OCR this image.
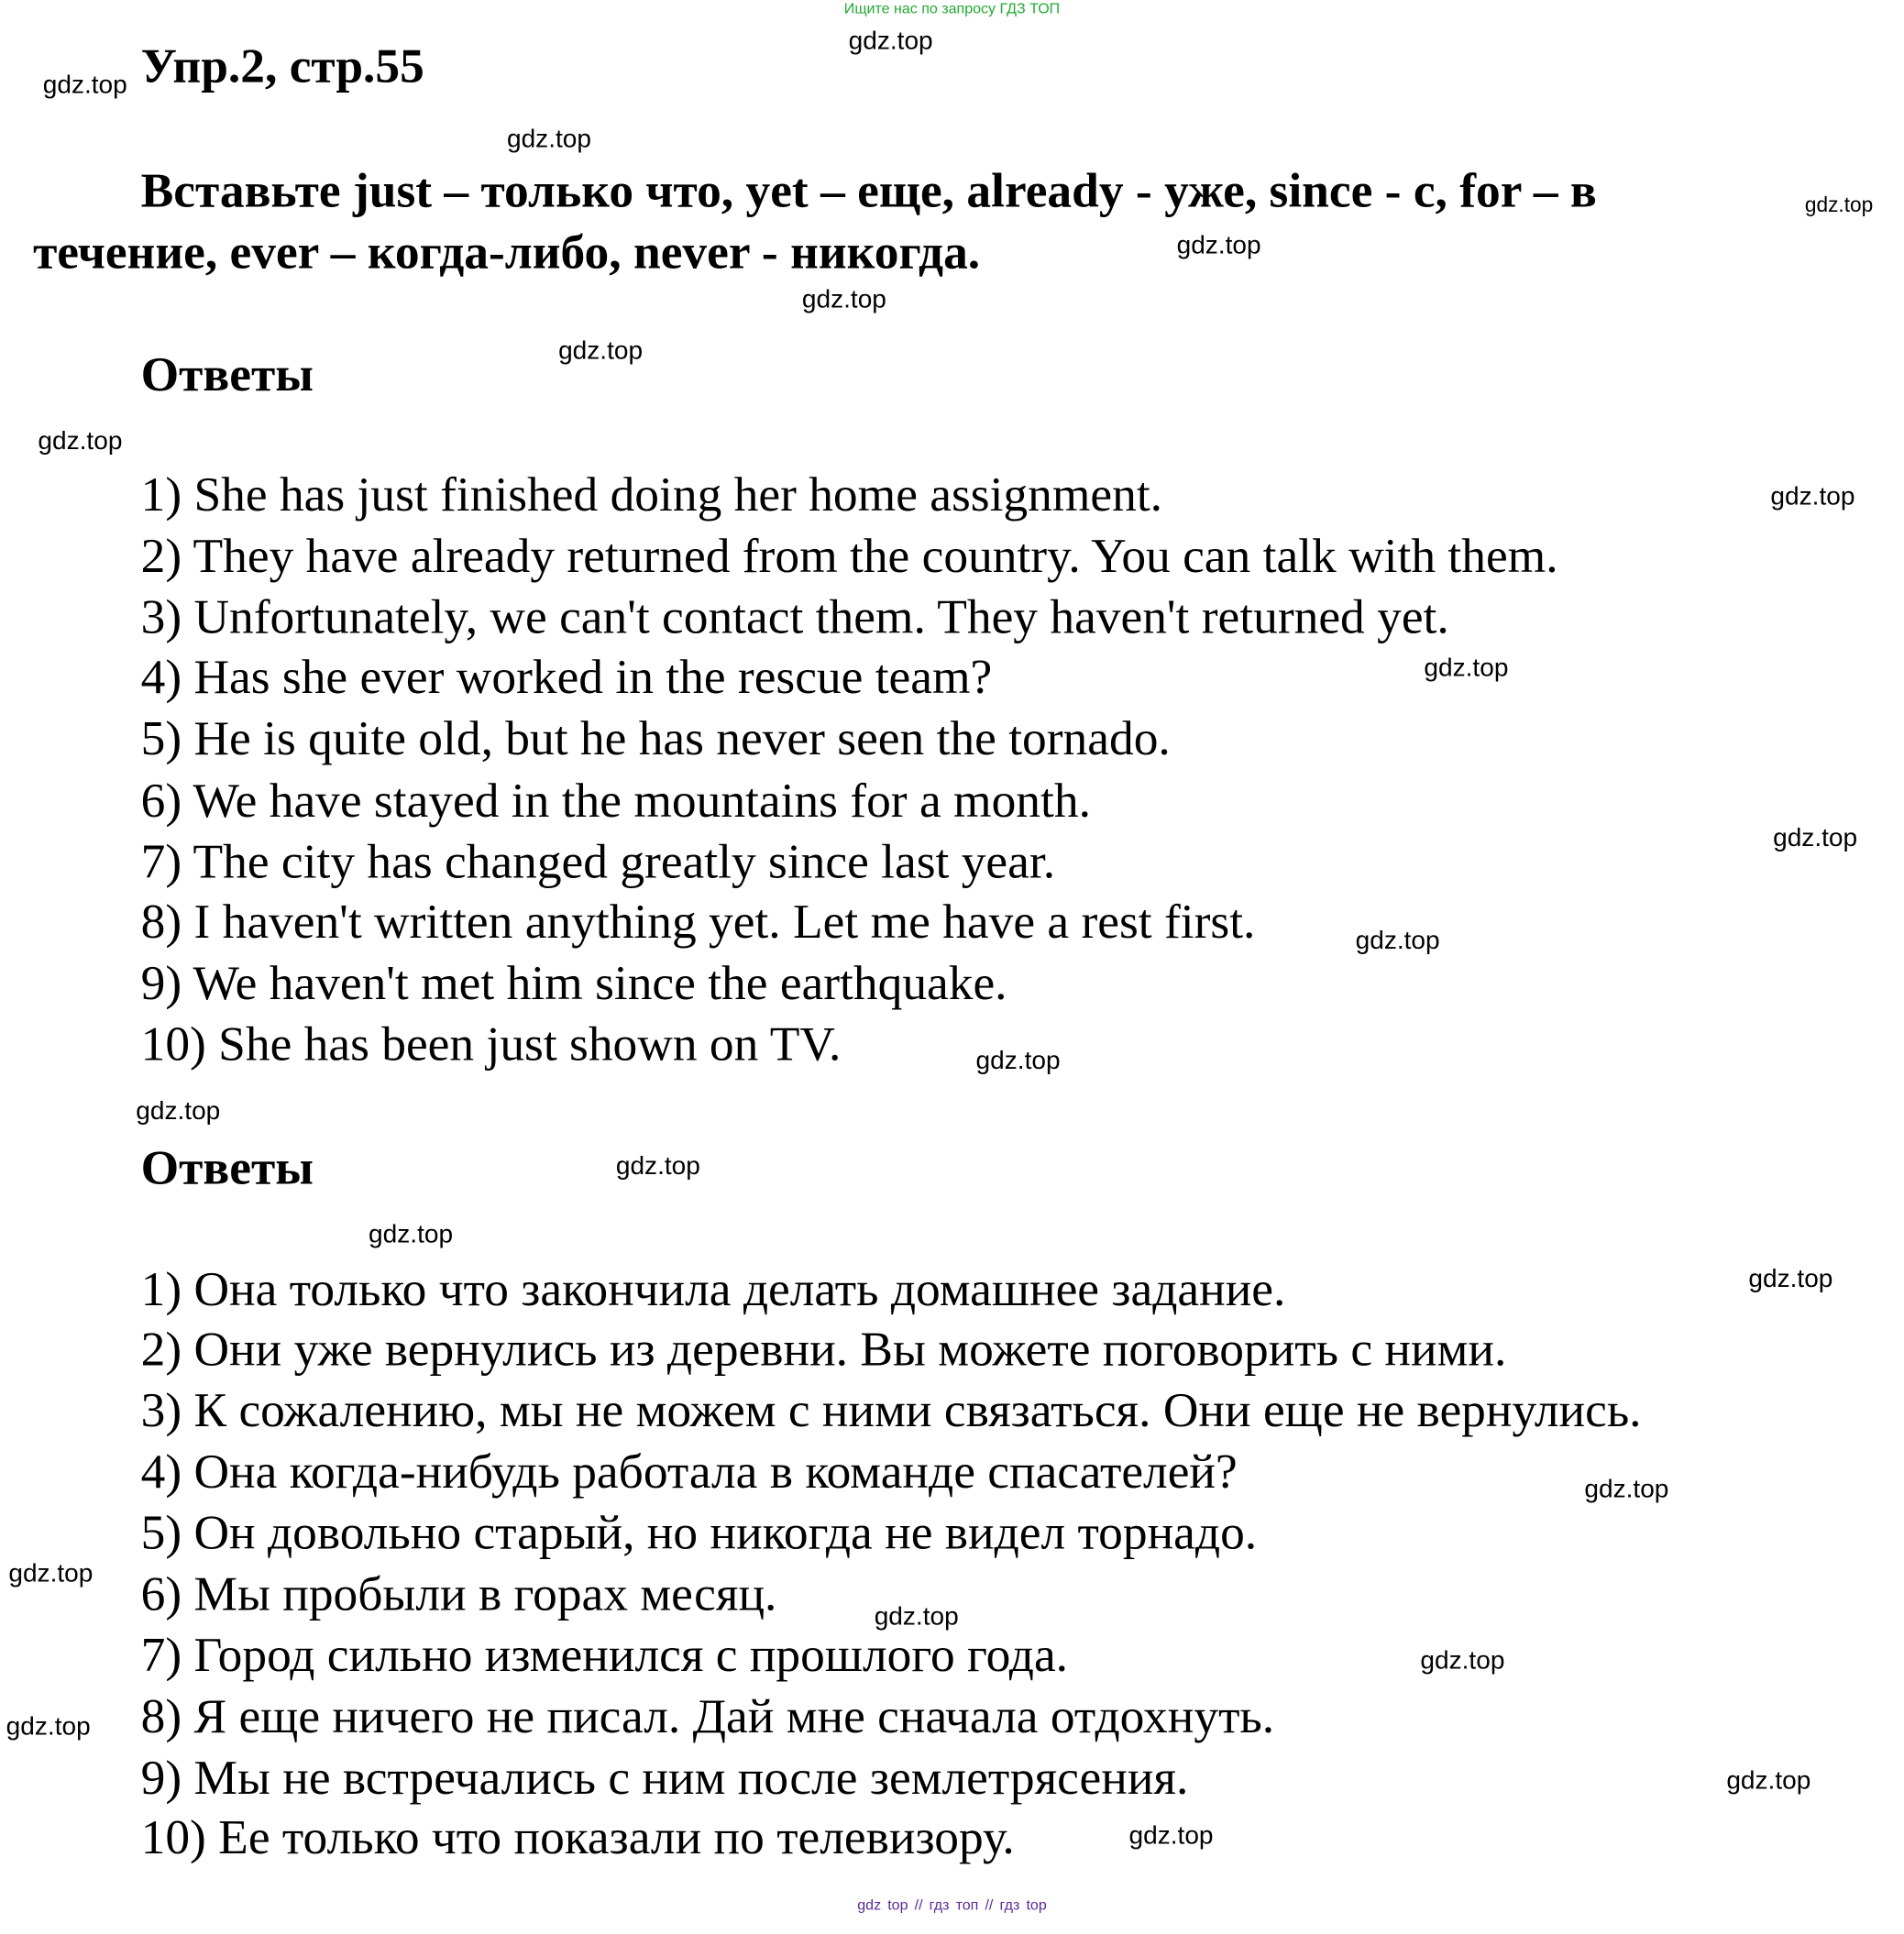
Ищите нас по запросу ГДЗ ТОП
Упр.2, стр.55
Вставьте just – только что, yet – еще, already - уже, since - с, for – в
течение, ever – когда-либо, never - никогда.
Ответы
1) She has just finished doing her home assignment.
2) They have already returned from the country. You can talk with them.
3) Unfortunately, we can't contact them. They haven't returned yet.
4) Has she ever worked in the rescue team?
5) He is quite old, but he has never seen the tornado.
6) We have stayed in the mountains for a month.
7) The city has changed greatly since last year.
8) I haven't written anything yet. Let me have a rest first.
9) We haven't met him since the earthquake.
10) She has been just shown on TV.
Ответы
1) Она только что закончила делать домашнее задание.
2) Они уже вернулись из деревни. Вы можете поговорить с ними.
3) К сожалению, мы не можем с ними связаться. Они еще не вернулись.
4) Она когда-нибудь работала в команде спасателей?
5) Он довольно старый, но никогда не видел торнадо.
6) Мы пробыли в горах месяц.
7) Город сильно изменился с прошлого года.
8) Я еще ничего не писал. Дай мне сначала отдохнуть.
9) Мы не встречались с ним после землетрясения.
10) Ее только что показали по телевизору.
gdz.top
gdz.top
gdz.top
gdz.top
gdz.top
gdz.top
gdz.top
gdz.top
gdz.top
gdz.top
gdz.top
gdz.top
gdz.top
gdz.top
gdz.top
gdz.top
gdz.top
gdz.top
gdz.top
gdz.top
gdz.top
gdz.top
gdz.top
gdz.top
gdz top // гдз топ // гдз top
